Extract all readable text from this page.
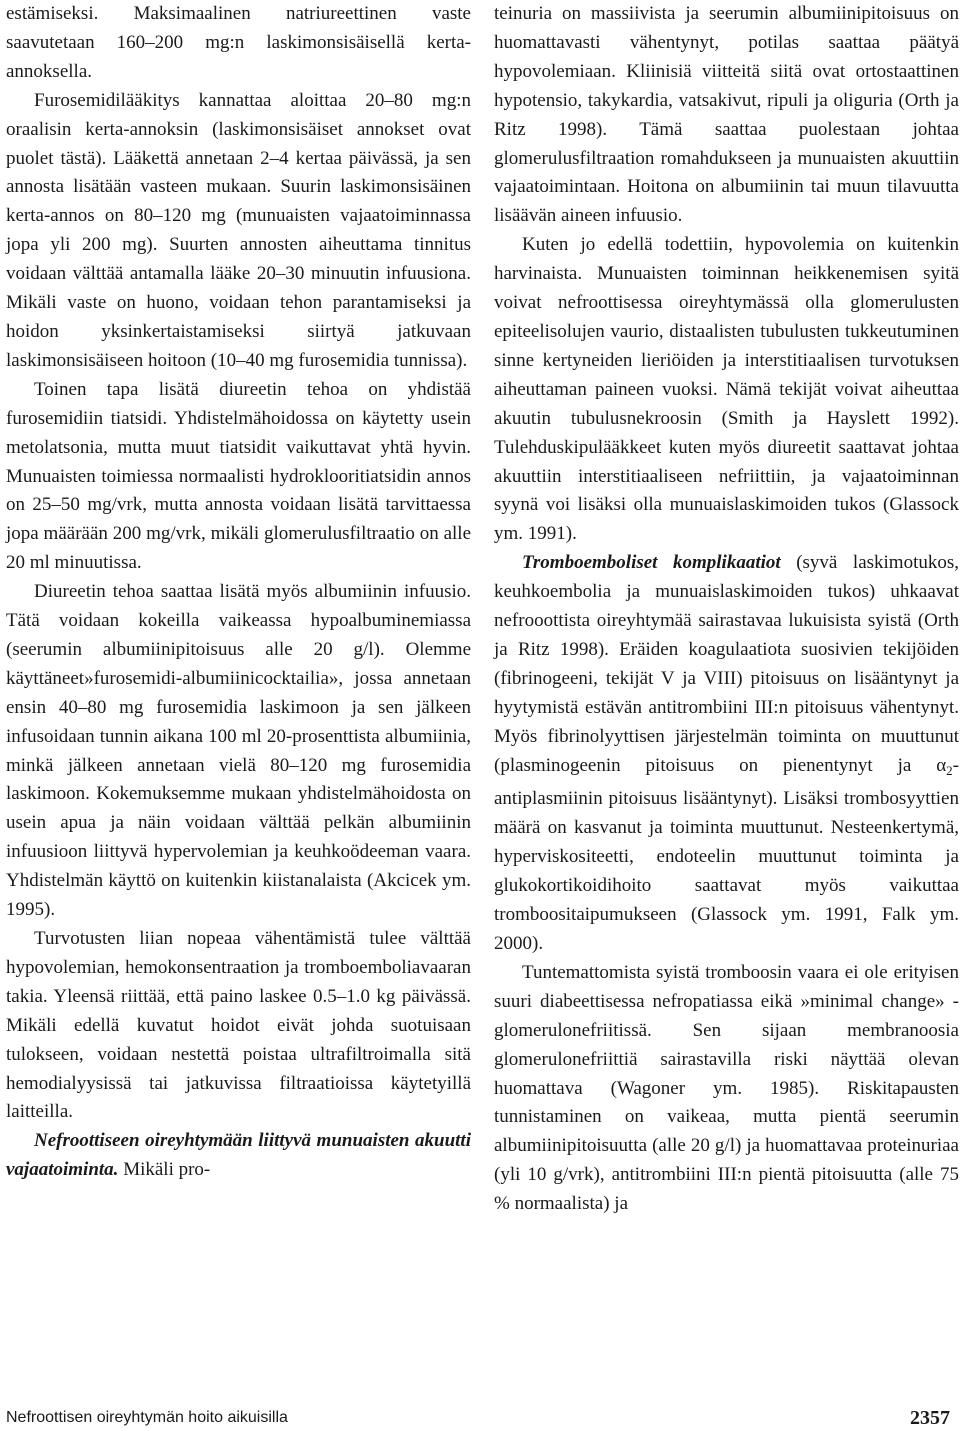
estämiseksi. Maksimaalinen natriureettinen vaste saavutetaan 160–200 mg:n laskimonsisäisellä kerta-annoksella.

Furosemidilääkitys kannattaa aloittaa 20–80 mg:n oraalisin kerta-annoksin (laskimonsisäiset annokset ovat puolet tästä). Lääkettä annetaan 2–4 kertaa päivässä, ja sen annosta lisätään vasteen mukaan. Suurin laskimonsisäinen kerta-annos on 80–120 mg (munuaisten vajaatoiminnassa jopa yli 200 mg). Suurten annosten aiheuttama tinnitus voidaan välttää antamalla lääke 20–30 minuutin infuusiona. Mikäli vaste on huono, voidaan tehon parantamiseksi ja hoidon yksinkertaistamiseksi siirtyä jatkuvaan laskimonsisäiseen hoitoon (10–40 mg furosemidia tunnissa).

Toinen tapa lisätä diureetin tehoa on yhdistää furosemidiin tiatsidi. Yhdistelmähoidossa on käytetty usein metolatsonia, mutta muut tiatsidit vaikuttavat yhtä hyvin. Munuaisten toimiessa normaalisti hydroklooritiatsidin annos on 25–50 mg/vrk, mutta annosta voidaan lisätä tarvittaessa jopa määrään 200 mg/vrk, mikäli glomerulusfiltraatio on alle 20 ml minuutissa.

Diureetin tehoa saattaa lisätä myös albumiinin infuusio. Tätä voidaan kokeilla vaikeassa hypoalbuminemiassa (seerumin albumiinipitoisuus alle 20 g/l). Olemme käyttäneet»furosemidi-albumiinicocktailia», jossa annetaan ensin 40–80 mg furosemidia laskimoon ja sen jälkeen infusoidaan tunnin aikana 100 ml 20-prosenttista albumiinia, minkä jälkeen annetaan vielä 80–120 mg furosemidia laskimoon. Kokemuksemme mukaan yhdistelmähoidosta on usein apua ja näin voidaan välttää pelkän albumiinin infuusioon liittyvä hypervolemian ja keuhkoödeeman vaara. Yhdistelmän käyttö on kuitenkin kiistanalaista (Akcicek ym. 1995).

Turvotusten liian nopeaa vähentämistä tulee välttää hypovolemian, hemokonsentraation ja tromboemboliavaaran takia. Yleensä riittää, että paino laskee 0.5–1.0 kg päivässä. Mikäli edellä kuvatut hoidot eivät johda suotuisaan tulokseen, voidaan nestettä poistaa ultrafiltroimalla sitä hemodialyysissä tai jatkuvissa filtraatioissa käytetyillä laitteilla.

Nefroottiseen oireyhtymään liittyvä munuaisten akuutti vajaatoiminta. Mikäli pro-

teinuria on massiivista ja seerumin albumiinipitoisuus on huomattavasti vähentynyt, potilas saattaa päätyä hypovolemiaan. Kliinisiä viitteitä siitä ovat ortostaattinen hypotensio, takykardia, vatsakivut, ripuli ja oliguria (Orth ja Ritz 1998). Tämä saattaa puolestaan johtaa glomerulusfiltraation romahdukseen ja munuaisten akuuttiin vajaatoimintaan. Hoitona on albumiinin tai muun tilavuutta lisäävän aineen infuusio.

Kuten jo edellä todettiin, hypovolemia on kuitenkin harvinaista. Munuaisten toiminnan heikkenemisen syitä voivat nefroottisessa oireyhtymässä olla glomerulusten epiteelisolujen vaurio, distaalisten tubulusten tukkeutuminen sinne kertyneiden lieriöiden ja interstitiaalisen turvotuksen aiheuttaman paineen vuoksi. Nämä tekijät voivat aiheuttaa akuutin tubulusnekroosin (Smith ja Hayslett 1992). Tulehduskipulääkkeet kuten myös diureetit saattavat johtaa akuuttiin interstitiaaliseen nefriittiin, ja vajaatoiminnan syynä voi lisäksi olla munuaislaskimoiden tukos (Glassock ym. 1991).

Tromboemboliset komplikaatiot (syvä laskimotukos, keuhkoembolia ja munuaislaskimoiden tukos) uhkaavat nefrooottista oireyhtymää sairastavaa lukuisista syistä (Orth ja Ritz 1998). Eräiden koagulaatiota suosivien tekijöiden (fibrinogeeni, tekijät V ja VIII) pitoisuus on lisääntynyt ja hyytymistä estävän antitrombiini III:n pitoisuus vähentynyt. Myös fibrinolyyttisen järjestelmän toiminta on muuttunut (plasminogeenin pitoisuus on pienentynyt ja $\alpha_2$-antiplasmiinin pitoisuus lisääntynyt). Lisäksi trombosyyttien määrä on kasvanut ja toiminta muuttunut. Nesteenkertymä, hyperviskositeetti, endoteelin muuttunut toiminta ja glukokortikoidihoito saattavat myös vaikuttaa tromboositaipumukseen (Glassock ym. 1991, Falk ym. 2000).

Tuntemattomista syistä tromboosin vaara ei ole erityisen suuri diabeettisessa nefropatiassa eikä »minimal change» -glomerulonefriitissä. Sen sijaan membranoosia glomerulonefriittiä sairastavilla riski näyttää olevan huomattava (Wagoner ym. 1985). Riskitapausten tunnistaminen on vaikeaa, mutta pientä seerumin albumiinipitoisuutta (alle 20 g/l) ja huomattavaa proteinuriaa (yli 10 g/vrk), antitrombiini III:n pientä pitoisuutta (alle 75 % normaalista) ja

Nefroottisen oireyhtymän hoito aikuisilla	2357
